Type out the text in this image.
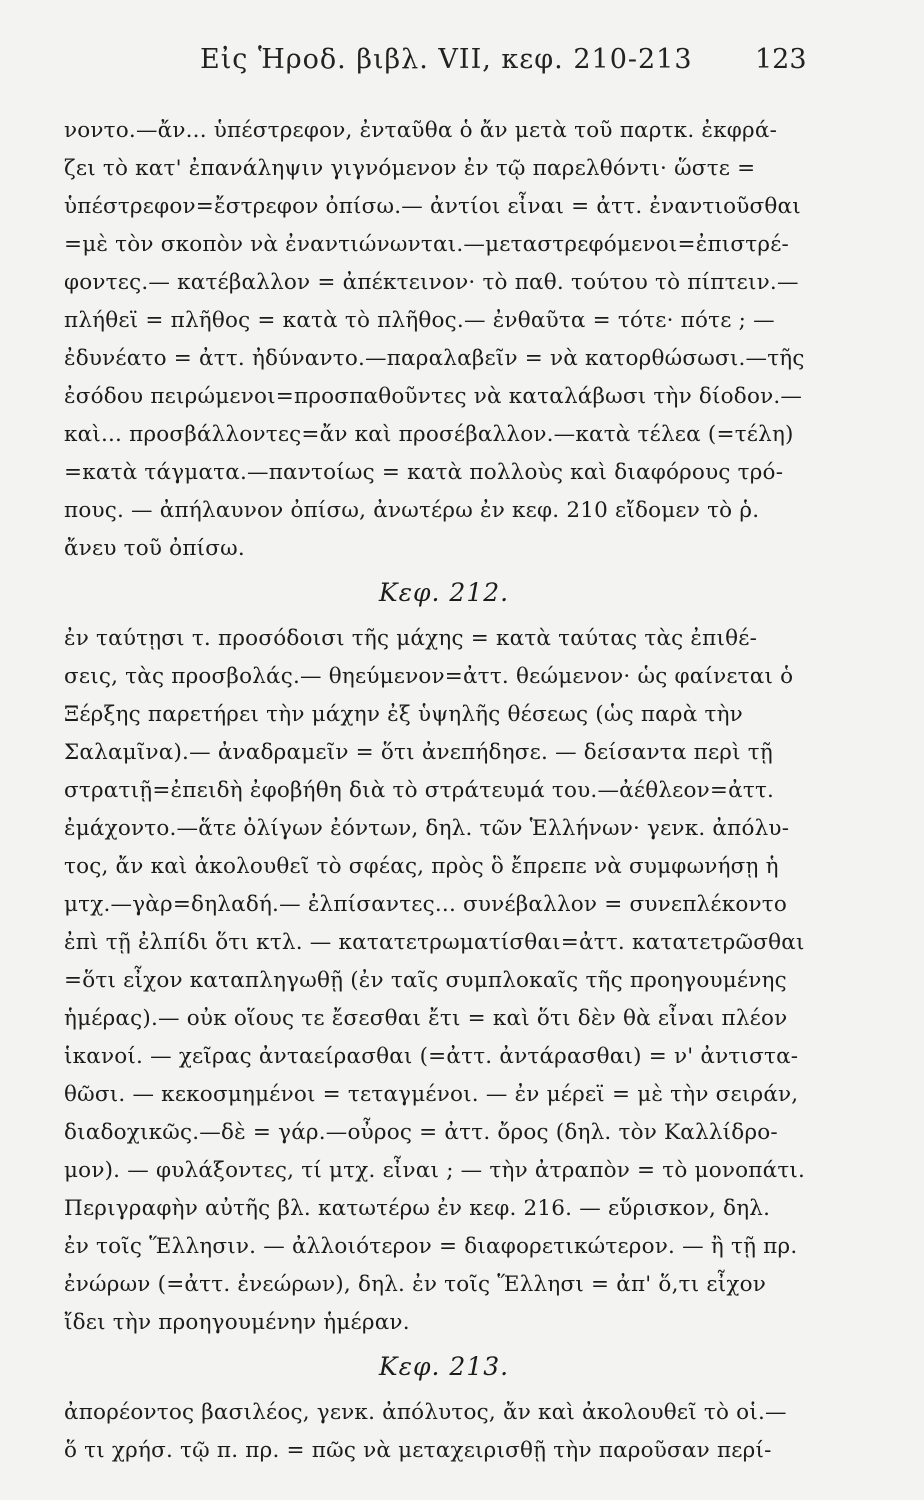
Εἰς Ἡροδ. βιβλ. VII, κεφ. 210-213 123
νοντο.—ἄν... ὑπέστρεφον, ἐνταῦθα ὁ ἄν μετὰ τοῦ παρτκ. ἐκφρά-
ζει τὸ κατ' ἐπανάληψιν γιγνόμενον ἐν τῷ παρελθόντι· ὥστε =
ὑπέστρεφον=ἔστρεφον ὀπίσω.— ἀντίοι εἶναι = ἀττ. ἐναντιοῦσθαι
=μὲ τὸν σκοπὸν νὰ ἐναντιώνωνται.—μεταστρεφόμενοι=ἐπιστρέ-
φοντες.— κατέβαλλον = ἀπέκτεινον· τὸ παθ. τούτου τὸ πίπτειν.—
πλήθεϊ = πλῆθος = κατὰ τὸ πλῆθος.— ἐνθαῦτα = τότε· πότε ; —
ἐδυνέατο = ἀττ. ἠδύναντο.—παραλαβεῖν = νὰ κατορθώσωσι.—τῆς
ἐσόδου πειρώμενοι=προσπαθοῦντες νὰ καταλάβωσι τὴν δίοδον.—
καὶ... προσβάλλοντες=ἄν καὶ προσέβαλλον.—κατὰ τέλεα (=τέλη)
=κατὰ τάγματα.—παντοίως = κατὰ πολλοὺς καὶ διαφόρους τρό-
πους. — ἀπήλαυνον ὀπίσω, ἀνωτέρω ἐν κεφ. 210 εἴδομεν τὸ ῥ.
ἄνευ τοῦ ὀπίσω.
Κεφ. 212.
ἐν ταύτῃσι τ. προσόδοισι τῆς μάχης = κατὰ ταύτας τὰς ἐπιθέ-
σεις, τὰς προσβολάς.— θηεύμενον=ἀττ. θεώμενον· ὡς φαίνεται ὁ
Ξέρξης παρετήρει τὴν μάχην ἐξ ὑψηλῆς θέσεως (ὡς παρὰ τὴν
Σαλαμῖνα).— ἀναδραμεῖν = ὅτι ἀνεπήδησε. — δείσαντα περὶ τῇ
στρατιῇ=ἐπειδὴ ἐφοβήθη διὰ τὸ στράτευμά του.—ἀέθλεον=ἀττ.
ἐμάχοντο.—ἅτε ὀλίγων ἐόντων, δηλ. τῶν Ἑλλήνων· γενκ. ἀπόλυ-
τος, ἄν καὶ ἀκολουθεῖ τὸ σφέας, πρὸς ὃ ἔπρεπε νὰ συμφωνήσῃ ἡ
μτχ.—γὰρ=δηλαδή.— ἐλπίσαντες... συνέβαλλον = συνεπλέκοντο
ἐπὶ τῇ ἐλπίδι ὅτι κτλ. — κατατετρωματίσθαι=ἀττ. κατατετρῶσθαι
=ὅτι εἶχον καταπληγωθῇ (ἐν ταῖς συμπλοκαῖς τῆς προηγουμένης
ἡμέρας).— οὐκ οἵους τε ἔσεσθαι ἔτι = καὶ ὅτι δὲν θὰ εἶναι πλέον
ἱκανοί. — χεῖρας ἀνταείρασθαι (=ἀττ. ἀντάρασθαι) = ν' ἀντιστα-
θῶσι. — κεκοσμημένοι = τεταγμένοι. — ἐν μέρεϊ = μὲ τὴν σειράν,
διαδοχικῶς.—δὲ = γάρ.—οὖρος = ἀττ. ὄρος (δηλ. τὸν Καλλίδρο-
μον). — φυλάξοντες, τί μτχ. εἶναι ; — τὴν ἀτραπὸν = τὸ μονοπάτι.
Περιγραφὴν αὐτῆς βλ. κατωτέρω ἐν κεφ. 216. — εὕρισκον, δηλ.
ἐν τοῖς Ἕλλησιν. — ἀλλοιότερον = διαφορετικώτερον. — ἢ τῇ πρ.
ἐνώρων (=ἀττ. ἐνεώρων), δηλ. ἐν τοῖς Ἕλλησι = ἀπ' ὅ,τι εἶχον
ἴδει τὴν προηγουμένην ἡμέραν.
Κεφ. 213.
ἀπορέοντος βασιλέος, γενκ. ἀπόλυτος, ἄν καὶ ἀκολουθεῖ τὸ οἱ.—
ὅ τι χρήσ. τῷ π. πρ. = πῶς νὰ μεταχειρισθῇ τὴν παροῦσαν περί-
